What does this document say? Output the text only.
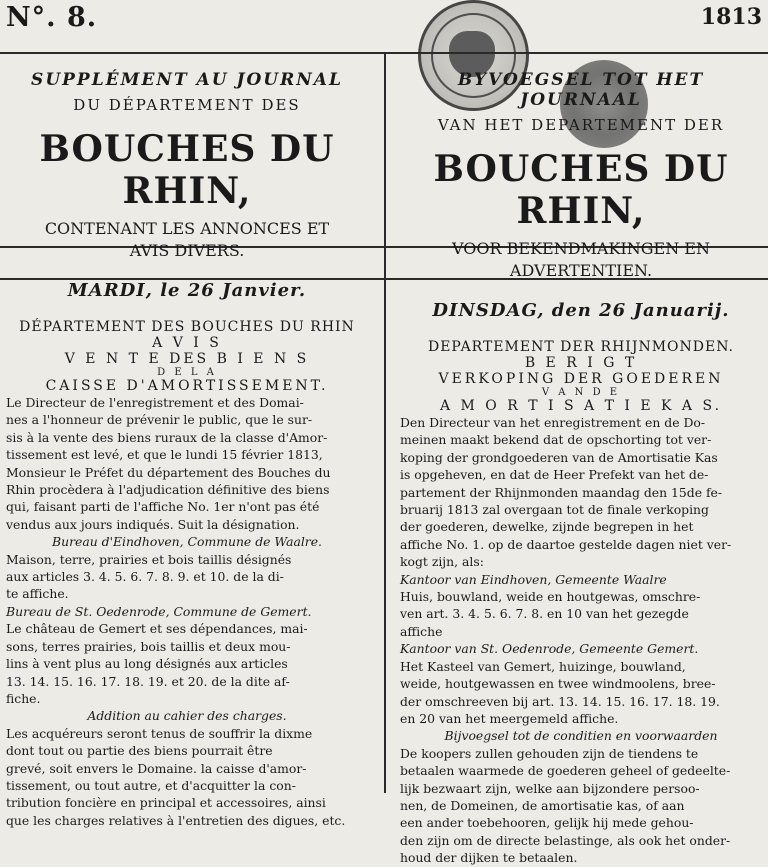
N°. 8.	1813
SUPPLÉMENT AU JOURNAL
DU DÉPARTEMENT DES
BOUCHES DU RHIN,
CONTENANT LES ANNONCES ET
AVIS DIVERS.
MARDI, le 26 Janvier.
DÉPARTEMENT DES BOUCHES DU RHIN
A V I S
V E N T E DES B I E N S
D E L A
CAISSE D'AMORTISSEMENT.
Le Directeur de l'enregistrement et des Domai-
nes a l'honneur de prévenir le public, que le sur-
sis à la vente des biens ruraux de la classe d'Amor-
tissement est levé, et que le lundi 15 février 1813,
Monsieur le Préfet du département des Bouches du
Rhin procèdera à l'adjudication définitive des biens
qui, faisant parti de l'affiche No. 1er n'ont pas été
vendus aux jours indiqués. Suit la désignation.
Bureau d'Eindhoven, Commune de Waalre.
Maison, terre, prairies et bois taillis désignés
aux articles 3. 4. 5. 6. 7. 8. 9. et 10. de la di-
te affiche.
Bureau de St. Oedenrode, Commune de Gemert.
Le château de Gemert et ses dépendances, mai-
sons, terres prairies, bois taillis et deux mou-
lins à vent plus au long désignés aux articles
13. 14. 15. 16. 17. 18. 19. et 20. de la dite af-
fiche.
Addition au cahier des charges.
Les acquéreurs seront tenus de souffrir la dixme
dont tout ou partie des biens pourrait être
grevé, soit envers le Domaine. la caisse d'amor-
tissement, ou tout autre, et d'acquitter la con-
tribution foncière en principal et accessoires, ainsi
que les charges relatives à l'entretien des digues, etc.
BYVOEGSEL TOT HET JOURNAAL
VAN HET DEPARTEMENT DER
BOUCHES DU RHIN,
VOOR BEKENDMAKINGEN EN
ADVERTENTIEN.
DINSDAG, den 26 Januarij.
DEPARTEMENT DER RHIJNMONDEN.
B E R I G T
VERKOPING DER GOEDEREN
V A N D E
A M O R T I S A T I E K A S.
Den Directeur van het enregistrement en de Do-
meinen maakt bekend dat de opschorting tot ver-
koping der grondgoederen van de Amortisatie Kas
is opgeheven, en dat de Heer Prefekt van het de-
partement der Rhijnmonden maandag den 15de fe-
bruarij 1813 zal overgaan tot de finale verkoping
der goederen, dewelke, zijnde begrepen in het
affiche No. 1. op de daartoe gestelde dagen niet ver-
kogt zijn, als:
Kantoor van Eindhoven, Gemeente Waalre
Huis, bouwland, weide en houtgewas, omschre-
ven art. 3. 4. 5. 6. 7. 8. en 10 van het gezegde
affiche
Kantoor van St. Oedenrode, Gemeente Gemert.
Het Kasteel van Gemert, huizinge, bouwland,
weide, houtgewassen en twee windmoolens, bree-
der omschreeven bij art. 13. 14. 15. 16. 17. 18. 19.
en 20 van het meergemeld affiche.
Bijvoegsel tot de conditien en voorwaarden
De koopers zullen gehouden zijn de tiendens te
betaalen waarmede de goederen geheel of gedeelte-
lijk bezwaart zijn, welke aan bijzondere persoo-
nen, de Domeinen, de amortisatie kas, of aan
een ander toebehooren, gelijk hij mede gehou-
den zijn om de directe belastinge, als ook het onder-
houd der dijken te betaalen.
